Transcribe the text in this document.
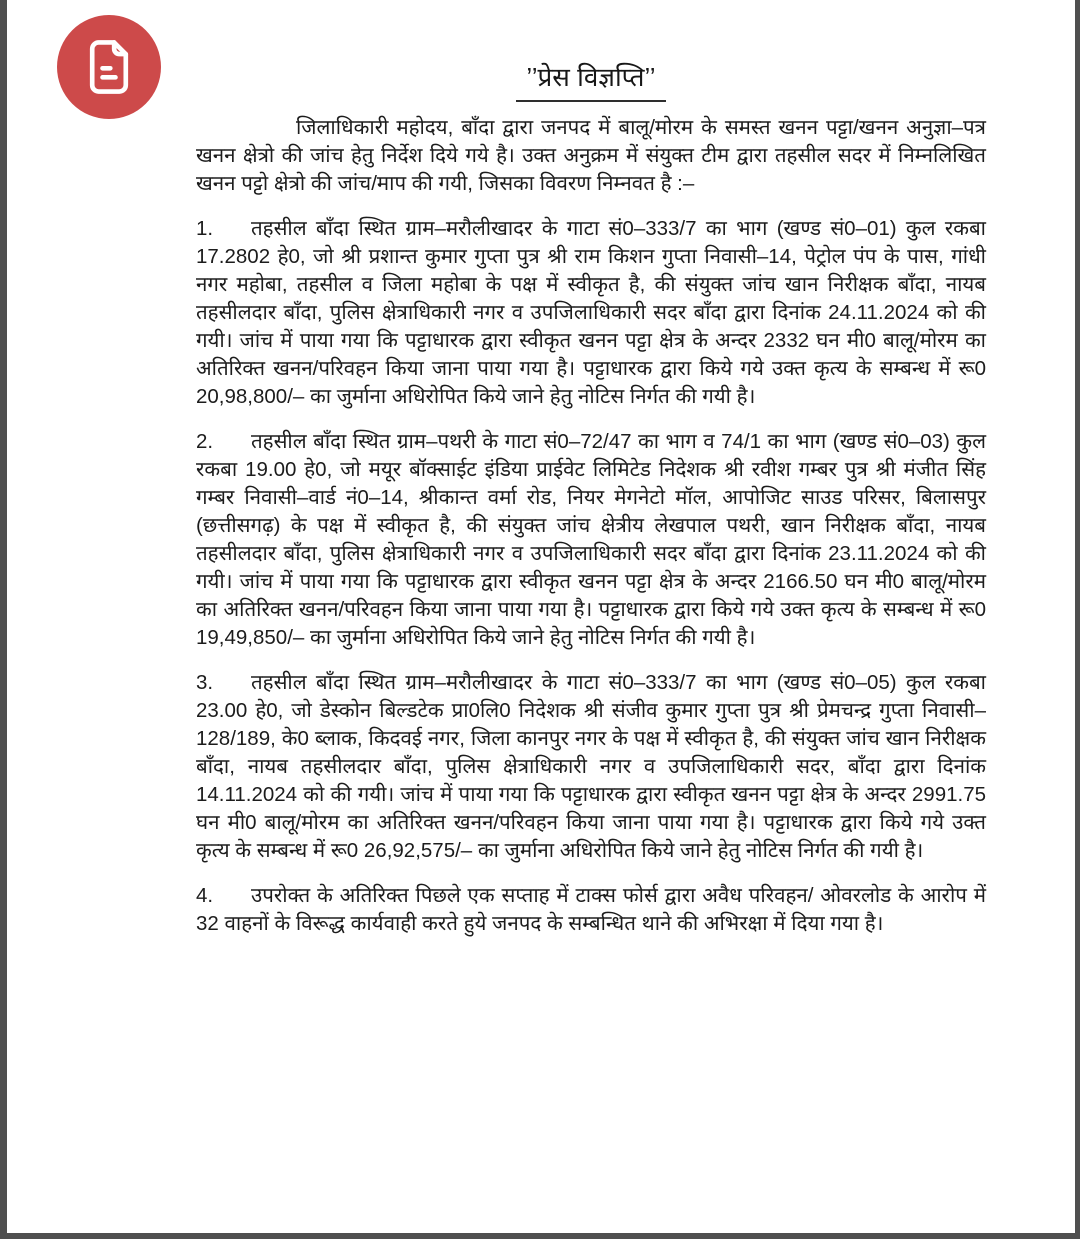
’’प्रेस विज्ञप्ति’’

जिलाधिकारी महोदय, बाँदा द्वारा जनपद में बालू/मोरम के समस्त खनन पट्टा/खनन अनुज्ञा–पत्र खनन क्षेत्रो की जांच हेतु निर्देश दिये गये है। उक्त अनुक्रम में संयुक्त टीम द्वारा तहसील सदर में निम्नलिखित खनन पट्टो क्षेत्रो की जांच/माप की गयी, जिसका विवरण निम्नवत है :–

1. तहसील बाँदा स्थित ग्राम–मरौलीखादर के गाटा सं0–333/7 का भाग (खण्ड सं0–01) कुल रकबा 17.2802 हे0, जो श्री प्रशान्त कुमार गुप्ता पुत्र श्री राम किशन गुप्ता निवासी–14, पेट्रोल पंप के पास, गांधी नगर महोबा, तहसील व जिला महोबा के पक्ष में स्वीकृत है, की संयुक्त जांच खान निरीक्षक बाँदा, नायब तहसीलदार बाँदा, पुलिस क्षेत्राधिकारी नगर व उपजिलाधिकारी सदर बाँदा द्वारा दिनांक 24.11.2024 को की गयी। जांच में पाया गया कि पट्टाधारक द्वारा स्वीकृत खनन पट्टा क्षेत्र के अन्दर 2332 घन मी0 बालू/मोरम का अतिरिक्त खनन/परिवहन किया जाना पाया गया है। पट्टाधारक द्वारा किये गये उक्त कृत्य के सम्बन्ध में रू0 20,98,800/– का जुर्माना अधिरोपित किये जाने हेतु नोटिस निर्गत की गयी है।

2. तहसील बाँदा स्थित ग्राम–पथरी के गाटा सं0–72/47 का भाग व 74/1 का भाग (खण्ड सं0–03) कुल रकबा 19.00 हे0, जो मयूर बॉक्साईट इंडिया प्राईवेट लिमिटेड निदेशक श्री रवीश गम्बर पुत्र श्री मंजीत सिंह गम्बर निवासी–वार्ड नं0–14, श्रीकान्त वर्मा रोड, नियर मेगनेटो मॉल, आपोजिट साउड परिसर, बिलासपुर (छत्तीसगढ़) के पक्ष में स्वीकृत है, की संयुक्त जांच क्षेत्रीय लेखपाल पथरी, खान निरीक्षक बाँदा, नायब तहसीलदार बाँदा, पुलिस क्षेत्राधिकारी नगर व उपजिलाधिकारी सदर बाँदा द्वारा दिनांक 23.11.2024 को की गयी। जांच में पाया गया कि पट्टाधारक द्वारा स्वीकृत खनन पट्टा क्षेत्र के अन्दर 2166.50 घन मी0 बालू/मोरम का अतिरिक्त खनन/परिवहन किया जाना पाया गया है। पट्टाधारक द्वारा किये गये उक्त कृत्य के सम्बन्ध में रू0 19,49,850/– का जुर्माना अधिरोपित किये जाने हेतु नोटिस निर्गत की गयी है।

3. तहसील बाँदा स्थित ग्राम–मरौलीखादर के गाटा सं0–333/7 का भाग (खण्ड सं0–05) कुल रकबा 23.00 हे0, जो डेस्कोन बिल्डटेक प्रा0लि0 निदेशक श्री संजीव कुमार गुप्ता पुत्र श्री प्रेमचन्द्र गुप्ता निवासी–128/189, के0 ब्लाक, किदवई नगर, जिला कानपुर नगर के पक्ष में स्वीकृत है, की संयुक्त जांच खान निरीक्षक बाँदा, नायब तहसीलदार बाँदा, पुलिस क्षेत्राधिकारी नगर व उपजिलाधिकारी सदर, बाँदा द्वारा दिनांक 14.11.2024 को की गयी। जांच में पाया गया कि पट्टाधारक द्वारा स्वीकृत खनन पट्टा क्षेत्र के अन्दर 2991.75 घन मी0 बालू/मोरम का अतिरिक्त खनन/परिवहन किया जाना पाया गया है। पट्टाधारक द्वारा किये गये उक्त कृत्य के सम्बन्ध में रू0 26,92,575/– का जुर्माना अधिरोपित किये जाने हेतु नोटिस निर्गत की गयी है।

4. उपरोक्त के अतिरिक्त पिछले एक सप्ताह में टाक्स फोर्स द्वारा अवैध परिवहन/ ओवरलोड के आरोप में 32 वाहनों के विरूद्ध कार्यवाही करते हुये जनपद के सम्बन्धित थाने की अभिरक्षा में दिया गया है।
